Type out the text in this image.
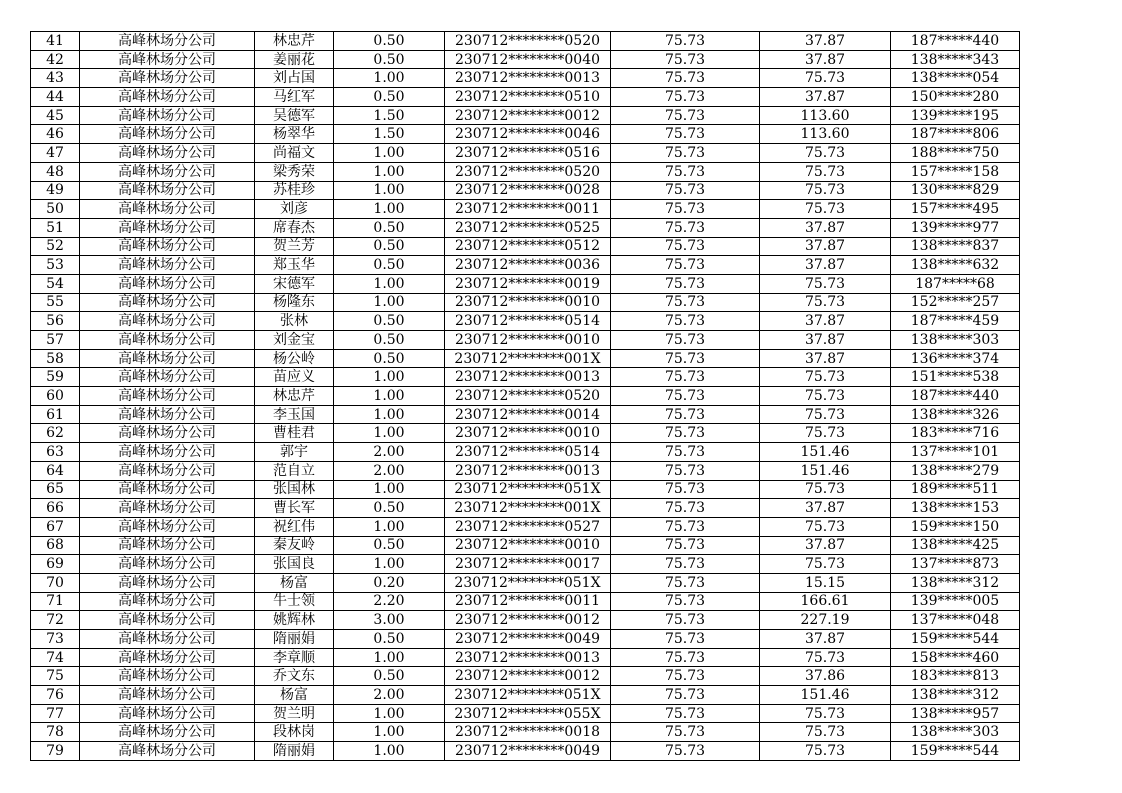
41	高峰林场分公司	林忠芹	0.50	230712********0520	75.73	37.87	187*****440
42	高峰林场分公司	姜丽花	0.50	230712********0040	75.73	37.87	138*****343
43	高峰林场分公司	刘占国	1.00	230712********0013	75.73	75.73	138*****054
44	高峰林场分公司	马红军	0.50	230712********0510	75.73	37.87	150*****280
45	高峰林场分公司	吴德军	1.50	230712********0012	75.73	113.60	139*****195
46	高峰林场分公司	杨翠华	1.50	230712********0046	75.73	113.60	187*****806
47	高峰林场分公司	尚福文	1.00	230712********0516	75.73	75.73	188*****750
48	高峰林场分公司	梁秀荣	1.00	230712********0520	75.73	75.73	157*****158
49	高峰林场分公司	苏桂珍	1.00	230712********0028	75.73	75.73	130*****829
50	高峰林场分公司	刘彦	1.00	230712********0011	75.73	75.73	157*****495
51	高峰林场分公司	席春杰	0.50	230712********0525	75.73	37.87	139*****977
52	高峰林场分公司	贺兰芳	0.50	230712********0512	75.73	37.87	138*****837
53	高峰林场分公司	郑玉华	0.50	230712********0036	75.73	37.87	138*****632
54	高峰林场分公司	宋德军	1.00	230712********0019	75.73	75.73	187*****68
55	高峰林场分公司	杨隆东	1.00	230712********0010	75.73	75.73	152*****257
56	高峰林场分公司	张林	0.50	230712********0514	75.73	37.87	187*****459
57	高峰林场分公司	刘金宝	0.50	230712********0010	75.73	37.87	138*****303
58	高峰林场分公司	杨公岭	0.50	230712********001X	75.73	37.87	136*****374
59	高峰林场分公司	苗应义	1.00	230712********0013	75.73	75.73	151*****538
60	高峰林场分公司	林忠芹	1.00	230712********0520	75.73	75.73	187*****440
61	高峰林场分公司	李玉国	1.00	230712********0014	75.73	75.73	138*****326
62	高峰林场分公司	曹桂君	1.00	230712********0010	75.73	75.73	183*****716
63	高峰林场分公司	郭宇	2.00	230712********0514	75.73	151.46	137*****101
64	高峰林场分公司	范自立	2.00	230712********0013	75.73	151.46	138*****279
65	高峰林场分公司	张国林	1.00	230712********051X	75.73	75.73	189*****511
66	高峰林场分公司	曹长军	0.50	230712********001X	75.73	37.87	138*****153
67	高峰林场分公司	祝红伟	1.00	230712********0527	75.73	75.73	159*****150
68	高峰林场分公司	秦友岭	0.50	230712********0010	75.73	37.87	138*****425
69	高峰林场分公司	张国良	1.00	230712********0017	75.73	75.73	137*****873
70	高峰林场分公司	杨富	0.20	230712********051X	75.73	15.15	138*****312
71	高峰林场分公司	牛士领	2.20	230712********0011	75.73	166.61	139*****005
72	高峰林场分公司	姚辉林	3.00	230712********0012	75.73	227.19	137*****048
73	高峰林场分公司	隋丽娟	0.50	230712********0049	75.73	37.87	159*****544
74	高峰林场分公司	李章顺	1.00	230712********0013	75.73	75.73	158*****460
75	高峰林场分公司	乔文东	0.50	230712********0012	75.73	37.86	183*****813
76	高峰林场分公司	杨富	2.00	230712********051X	75.73	151.46	138*****312
77	高峰林场分公司	贺兰明	1.00	230712********055X	75.73	75.73	138*****957
78	高峰林场分公司	段林岗	1.00	230712********0018	75.73	75.73	138*****303
79	高峰林场分公司	隋丽娟	1.00	230712********0049	75.73	75.73	159*****544
